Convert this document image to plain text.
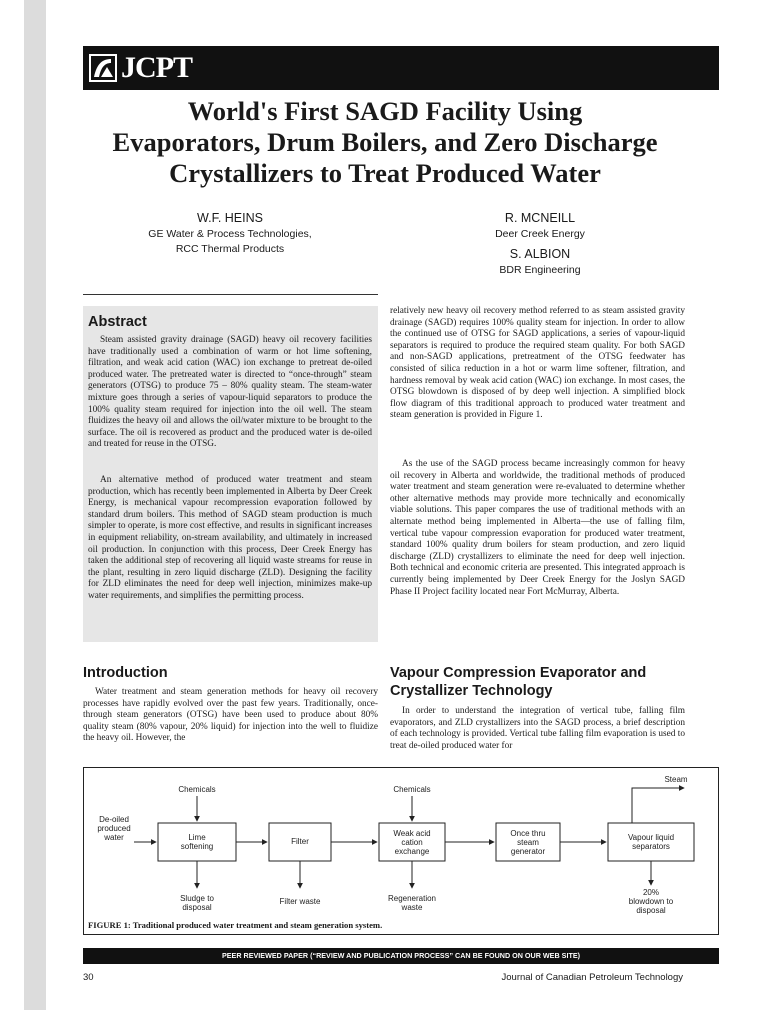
JCPT
World's First SAGD Facility Using
Evaporators, Drum Boilers, and Zero Discharge
Crystallizers to Treat Produced Water
W.F. HEINS
GE Water & Process Technologies,
RCC Thermal Products
R. MCNEILL
Deer Creek Energy
S. ALBION
BDR Engineering
Abstract

Steam assisted gravity drainage (SAGD) heavy oil recovery facilities have traditionally used a combination of warm or hot lime softening, filtration, and weak acid cation (WAC) ion exchange to pretreat de-oiled produced water. The pretreated water is directed to “once-through” steam generators (OTSG) to produce 75 – 80% quality steam. The steam-water mixture goes through a series of vapour-liquid separators to produce the 100% quality steam required for injection into the oil well. The steam fluidizes the heavy oil and allows the oil/water mixture to be brought to the surface. The oil is recovered as product and the produced water is de-oiled and treated for reuse in the OTSG.

An alternative method of produced water treatment and steam production, which has recently been implemented in Alberta by Deer Creek Energy, is mechanical vapour recompression evaporation followed by standard drum boilers. This method of SAGD steam production is much simpler to operate, is more cost effective, and results in significant increases in equipment reliability, on-stream availability, and ultimately in increased oil production. In conjunction with this process, Deer Creek Energy has taken the additional step of recovering all liquid waste streams for reuse in the plant, resulting in zero liquid discharge (ZLD). Designing the facility for ZLD eliminates the need for deep well injection, minimizes make-up water requirements, and simplifies the permitting process.

Introduction

Water treatment and steam generation methods for heavy oil recovery processes have rapidly evolved over the past few years. Traditionally, once-through steam generators (OTSG) have been used to produce about 80% quality steam (80% vapour, 20% liquid) for injection into the well to fluidize the heavy oil. However, the

relatively new heavy oil recovery method referred to as steam assisted gravity drainage (SAGD) requires 100% quality steam for injection. In order to allow the continued use of OTSG for SAGD applications, a series of vapour-liquid separators is required to produce the required steam quality. For both SAGD and non-SAGD applications, pretreatment of the OTSG feedwater has consisted of silica reduction in a hot or warm lime softener, filtration, and hardness removal by weak acid cation (WAC) ion exchange. In most cases, the OTSG blowdown is disposed of by deep well injection. A simplified block flow diagram of this traditional approach to produced water treatment and steam generation is provided in Figure 1.

As the use of the SAGD process became increasingly common for heavy oil recovery in Alberta and worldwide, the traditional methods of produced water treatment and steam generation were re-evaluated to determine whether other alternative methods may provide more technically and economically viable solutions. This paper compares the use of traditional methods with an alternate method being implemented in Alberta—the use of falling film, vertical tube vapour compression evaporation for produced water treatment, standard 100% quality drum boilers for steam production, and zero liquid discharge (ZLD) crystallizers to eliminate the need for deep well injection. Both technical and economic criteria are presented. This integrated approach is currently being implemented by Deer Creek Energy for the Joslyn SAGD Phase II Project facility located near Fort McMurray, Alberta.

Vapour Compression Evaporator and
Crystallizer Technology

In order to understand the integration of vertical tube, falling film evaporators, and ZLD crystallizers into the SAGD process, a brief description of each technology is provided. Vertical tube falling film evaporation is used to treat de-oiled produced water for

De-oiled
produced
water
Chemicals	Chemicals
Lime
softening
Filter
Weak acid
cation
exchange
Once thru
steam
generator
Vapour liquid
separators
Sludge to
disposal
Filter waste	Regeneration
waste
20%
blowdown to
disposal
Steam
FIGURE 1: Traditional produced water treatment and steam generation system.
PEER REVIEWED PAPER (“REVIEW AND PUBLICATION PROCESS” CAN BE FOUND ON OUR WEB SITE)
30	Journal of Canadian Petroleum Technology
